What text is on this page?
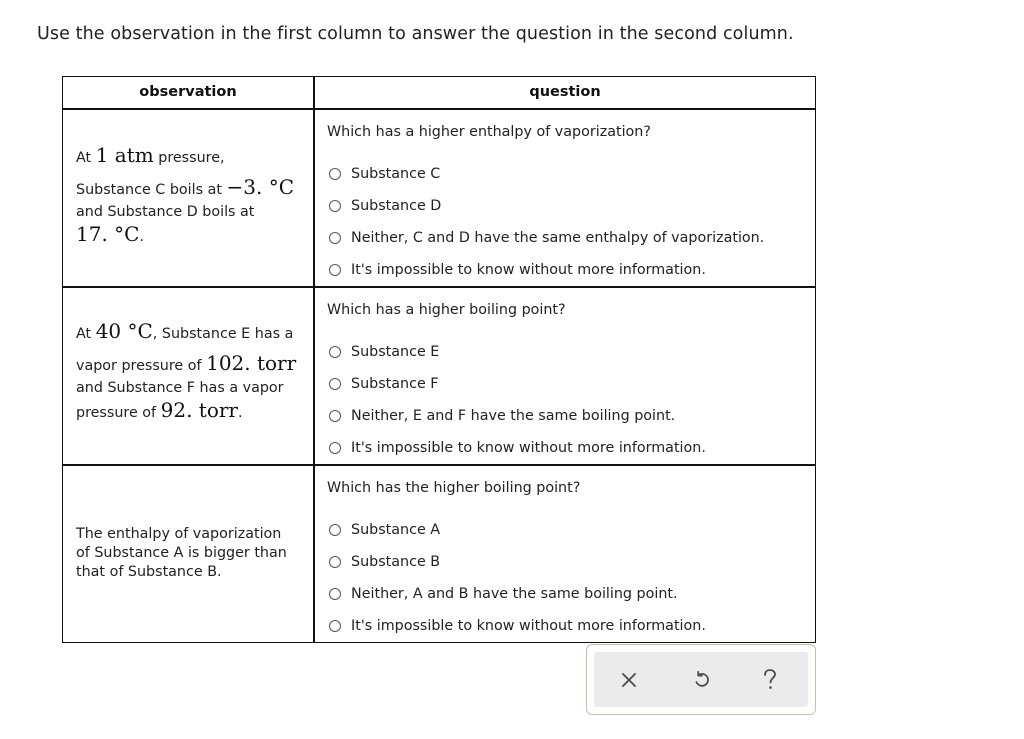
Use the observation in the first column to answer the question in the second column.
observation	question
At 1 atm pressure,
Substance C boils at −3. °C
and Substance D boils at
17. °C.
Which has a higher enthalpy of vaporization?
Substance C
Substance D
Neither, C and D have the same enthalpy of vaporization.
It's impossible to know without more information.
At 40 °C, Substance E has a
vapor pressure of 102. torr
and Substance F has a vapor
pressure of 92. torr.
Which has a higher boiling point?
Substance E
Substance F
Neither, E and F have the same boiling point.
It's impossible to know without more information.
The enthalpy of vaporization
of Substance A is bigger than
that of Substance B.
Which has the higher boiling point?
Substance A
Substance B
Neither, A and B have the same boiling point.
It's impossible to know without more information.
